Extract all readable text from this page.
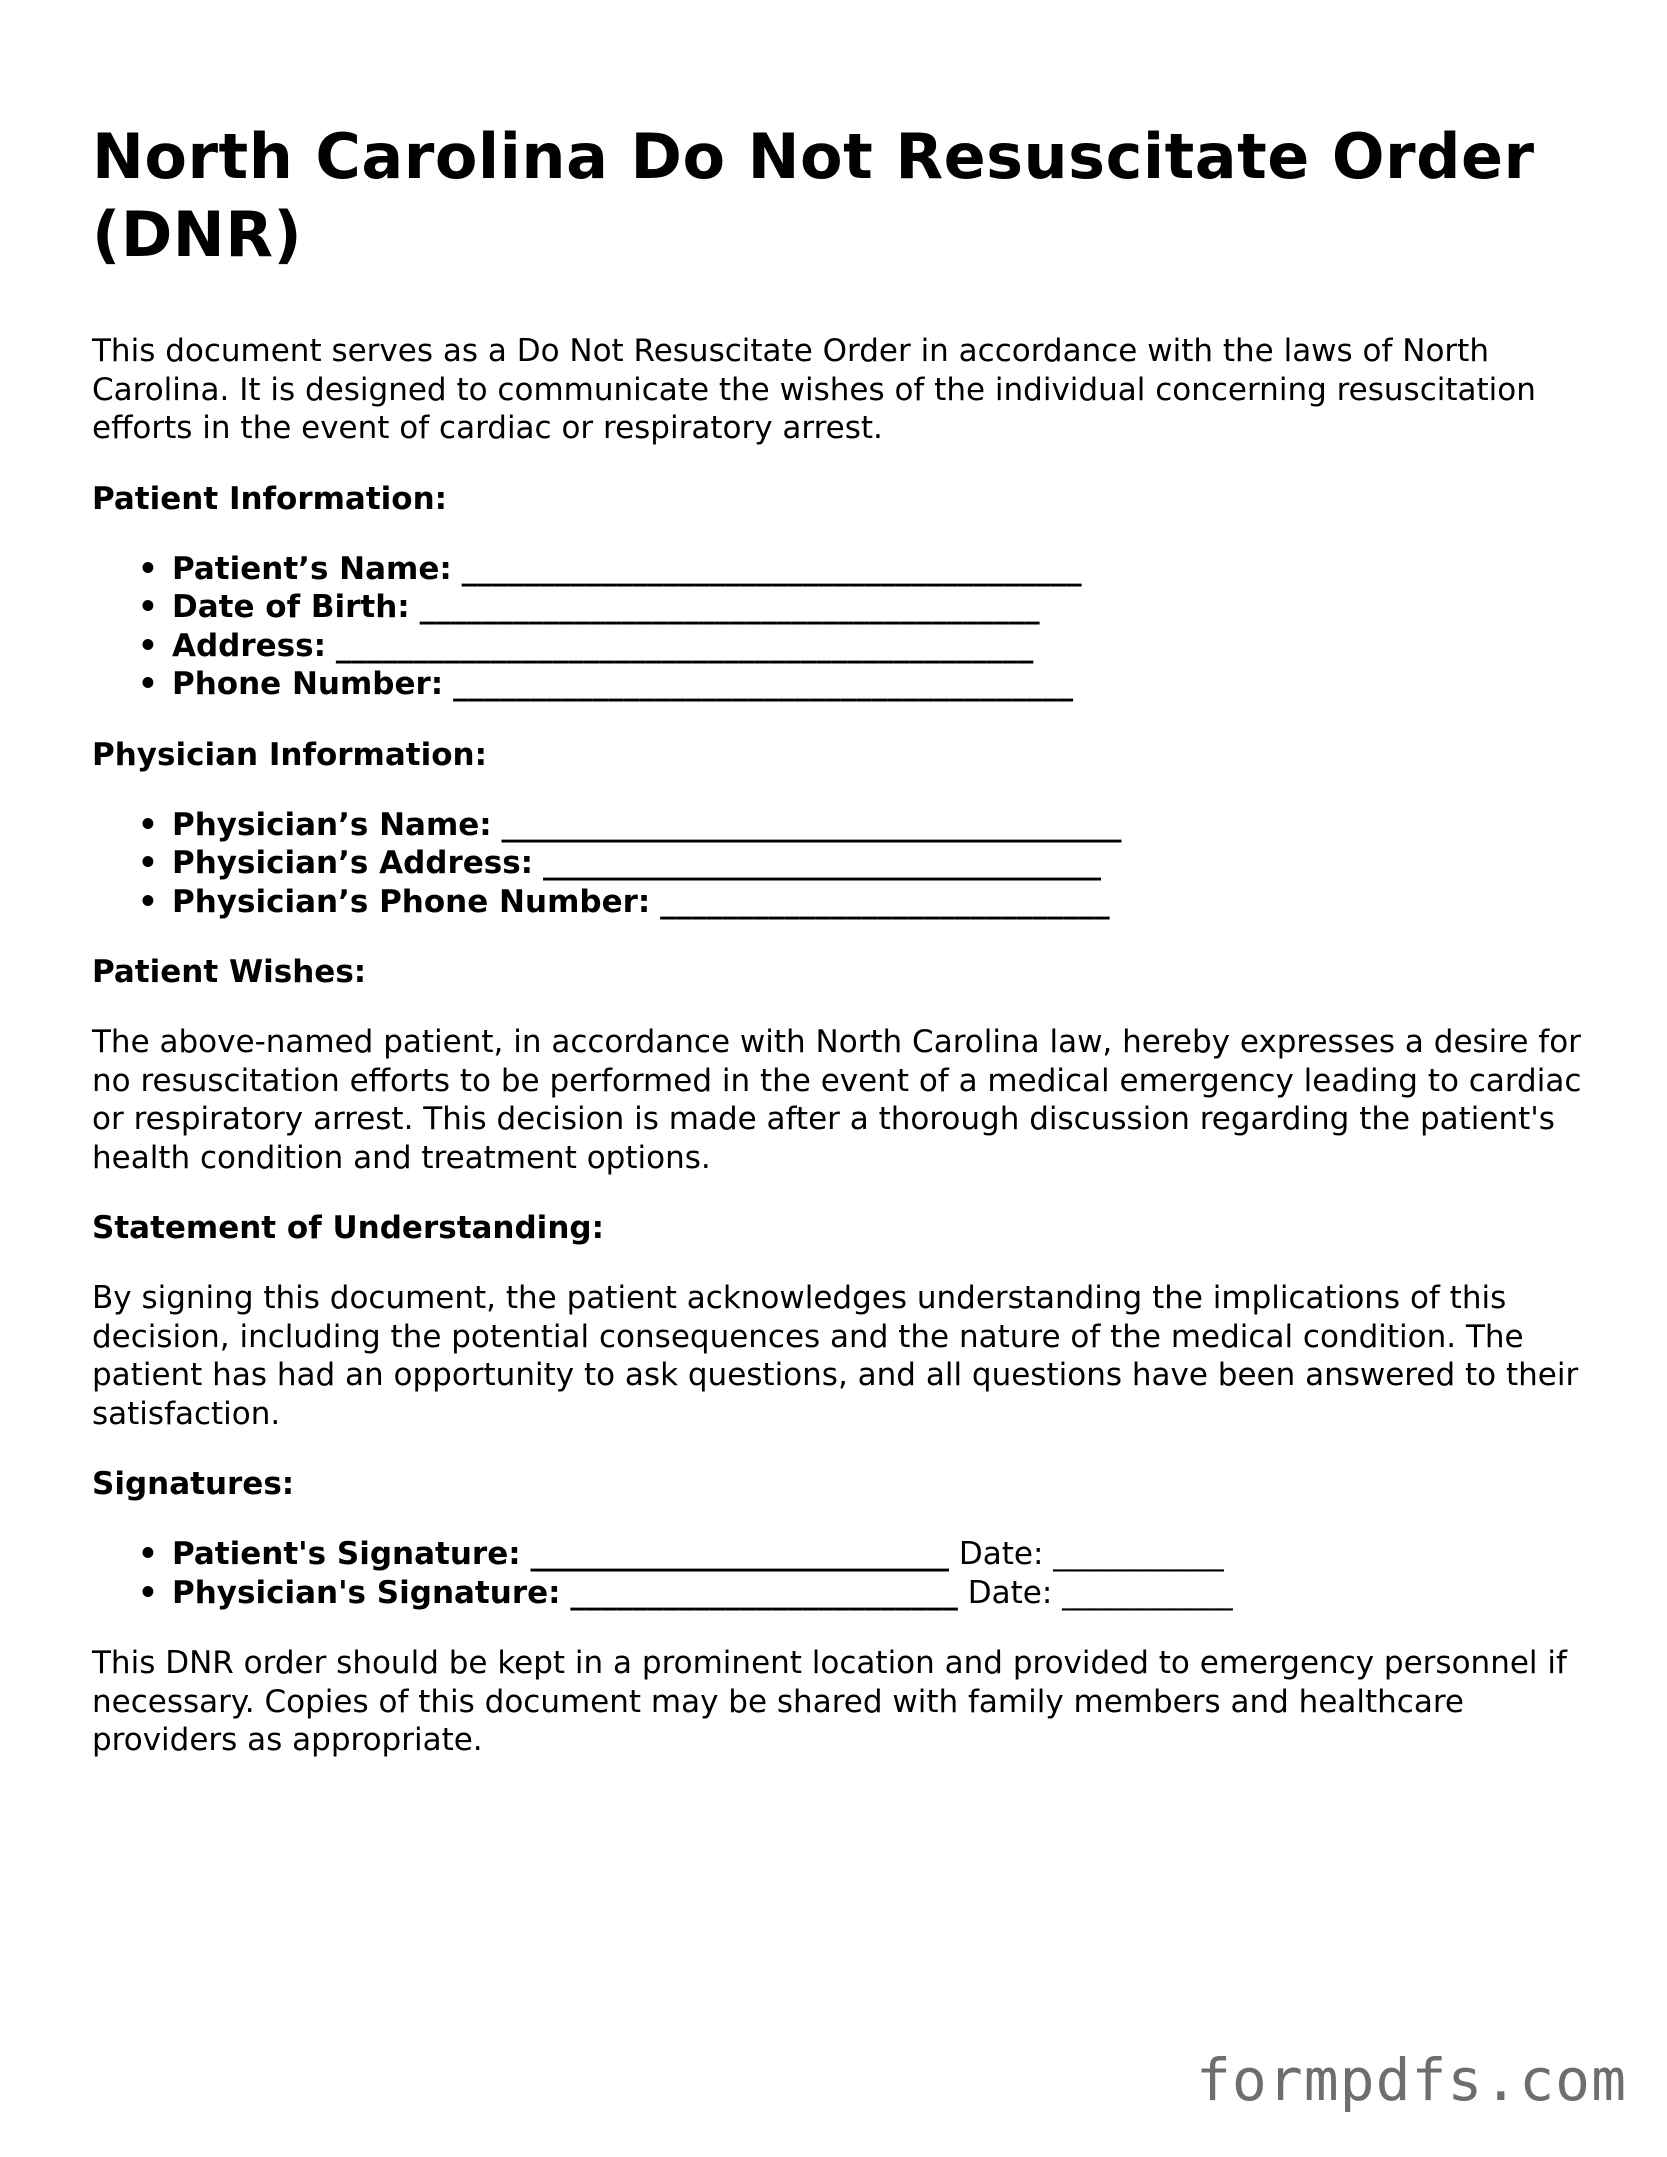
North Carolina Do Not Resuscitate Order (DNR)

This document serves as a Do Not Resuscitate Order in accordance with the laws of North Carolina. It is designed to communicate the wishes of the individual concerning resuscitation efforts in the event of cardiac or respiratory arrest.

Patient Information:
• Patient’s Name: ________________________________________
• Date of Birth: ________________________________________
• Address: _____________________________________________
• Phone Number: ________________________________________
Physician Information:
• Physician’s Name: ________________________________________
• Physician’s Address: ____________________________________
• Physician’s Phone Number: _____________________________
Patient Wishes:

The above-named patient, in accordance with North Carolina law, hereby expresses a desire for no resuscitation efforts to be performed in the event of a medical emergency leading to cardiac or respiratory arrest. This decision is made after a thorough discussion regarding the patient's health condition and treatment options.

Statement of Understanding:

By signing this document, the patient acknowledges understanding the implications of this decision, including the potential consequences and the nature of the medical condition. The patient has had an opportunity to ask questions, and all questions have been answered to their satisfaction.

Signatures:
• Patient's Signature: ___________________________ Date: ___________
• Physician's Signature: _________________________ Date: ___________

This DNR order should be kept in a prominent location and provided to emergency personnel if necessary. Copies of this document may be shared with family members and healthcare providers as appropriate.

formpdfs.com
